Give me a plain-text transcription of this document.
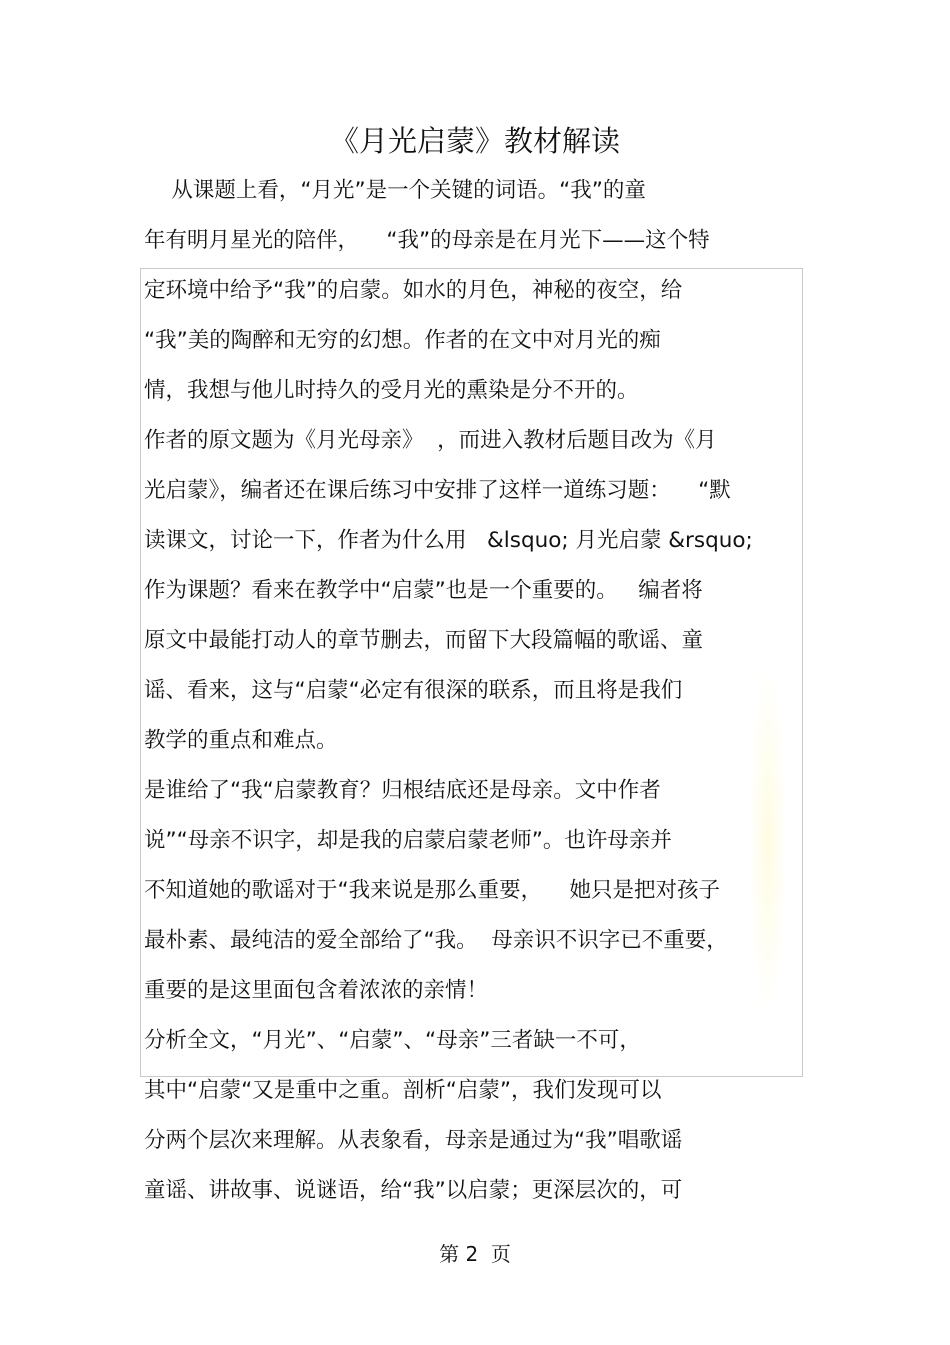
《月光启蒙》教材解读
从课题上看，“月光”是一个关键的词语。“我”的童
年有明月星光的陪伴，    “我”的母亲是在月光下——这个特
定环境中给予“我”的启蒙。如水的月色，神秘的夜空，给
“我”美的陶醉和无穷的幻想。作者的在文中对月光的痴
情，我想与他儿时持久的受月光的熏染是分不开的。
作者的原文题为《月光母亲》  ，而进入教材后题目改为《月
光启蒙》，编者还在课后练习中安排了这样一道练习题：    “默
读课文，讨论一下，作者为什么用   &lsquo; 月光启蒙 &rsquo;
作为课题？看来在教学中“启蒙”也是一个重要的。   编者将
原文中最能打动人的章节删去，而留下大段篇幅的歌谣、童
谣、看来，这与“启蒙“必定有很深的联系，而且将是我们
教学的重点和难点。
是谁给了“我“启蒙教育？归根结底还是母亲。文中作者
说”“母亲不识字，却是我的启蒙启蒙老师”。也许母亲并
不知道她的歌谣对于“我来说是那么重要，    她只是把对孩子
最朴素、最纯洁的爱全部给了“我。  母亲识不识字已不重要，
重要的是这里面包含着浓浓的亲情！
分析全文，“月光”、“启蒙”、“母亲”三者缺一不可，
其中“启蒙“又是重中之重。剖析“启蒙”，我们发现可以
分两个层次来理解。从表象看，母亲是通过为“我”唱歌谣
童谣、讲故事、说谜语，给“我”以启蒙；更深层次的，可
第 2  页
